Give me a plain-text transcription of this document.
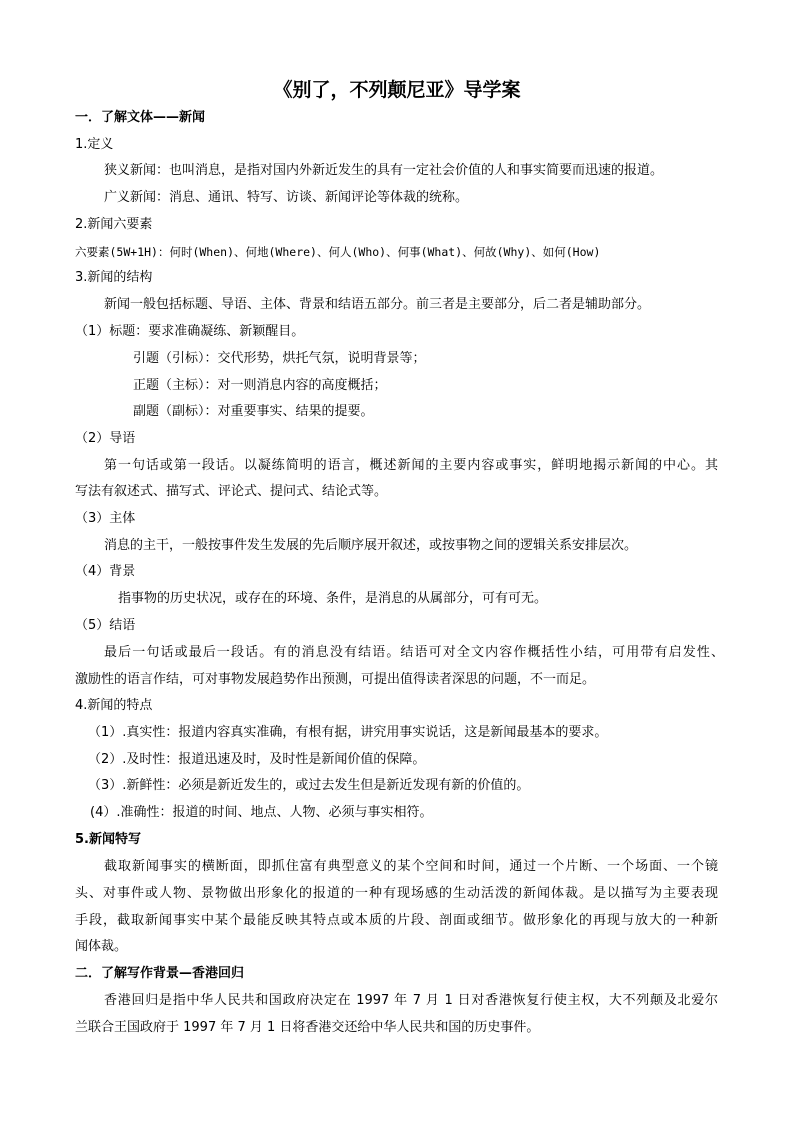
《别了，不列颠尼亚》导学案
一．了解文体——新闻
1.定义
狭义新闻：也叫消息，是指对国内外新近发生的具有一定社会价值的人和事实简要而迅速的报道。
广义新闻：消息、通讯、特写、访谈、新闻评论等体裁的统称。
2.新闻六要素
六要素(5W+1H)：何时(When)、何地(Where)、何人(Who)、何事(What)、何故(Why)、如何(How)
3.新闻的结构
新闻一般包括标题、导语、主体、背景和结语五部分。前三者是主要部分，后二者是辅助部分。
（1）标题：要求准确凝练、新颖醒目。
引题（引标）：交代形势，烘托气氛，说明背景等；
正题（主标）：对一则消息内容的高度概括；
副题（副标）：对重要事实、结果的提要。
（2）导语
第一句话或第一段话。以凝练简明的语言，概述新闻的主要内容或事实，鲜明地揭示新闻的中心。其
写法有叙述式、描写式、评论式、提问式、结论式等。
（3）主体
消息的主干，一般按事件发生发展的先后顺序展开叙述，或按事物之间的逻辑关系安排层次。
（4）背景
指事物的历史状况，或存在的环境、条件，是消息的从属部分，可有可无。
（5）结语
最后一句话或最后一段话。有的消息没有结语。结语可对全文内容作概括性小结，可用带有启发性、
激励性的语言作结，可对事物发展趋势作出预测，可提出值得读者深思的问题，不一而足。
4.新闻的特点
（1）.真实性：报道内容真实准确，有根有据，讲究用事实说话，这是新闻最基本的要求。
（2）.及时性：报道迅速及时，及时性是新闻价值的保障。
（3）.新鲜性：必须是新近发生的，或过去发生但是新近发现有新的价值的。
(4）.准确性：报道的时间、地点、人物、必须与事实相符。
5.新闻特写
截取新闻事实的横断面，即抓住富有典型意义的某个空间和时间，通过一个片断、一个场面、一个镜
头、对事件或人物、景物做出形象化的报道的一种有现场感的生动活泼的新闻体裁。是以描写为主要表现
手段，截取新闻事实中某个最能反映其特点或本质的片段、剖面或细节。做形象化的再现与放大的一种新
闻体裁。
二．了解写作背景—香港回归
香港回归是指中华人民共和国政府决定在 1997 年 7 月 1 日对香港恢复行使主权，大不列颠及北爱尔
兰联合王国政府于 1997 年 7 月 1 日将香港交还给中华人民共和国的历史事件。
